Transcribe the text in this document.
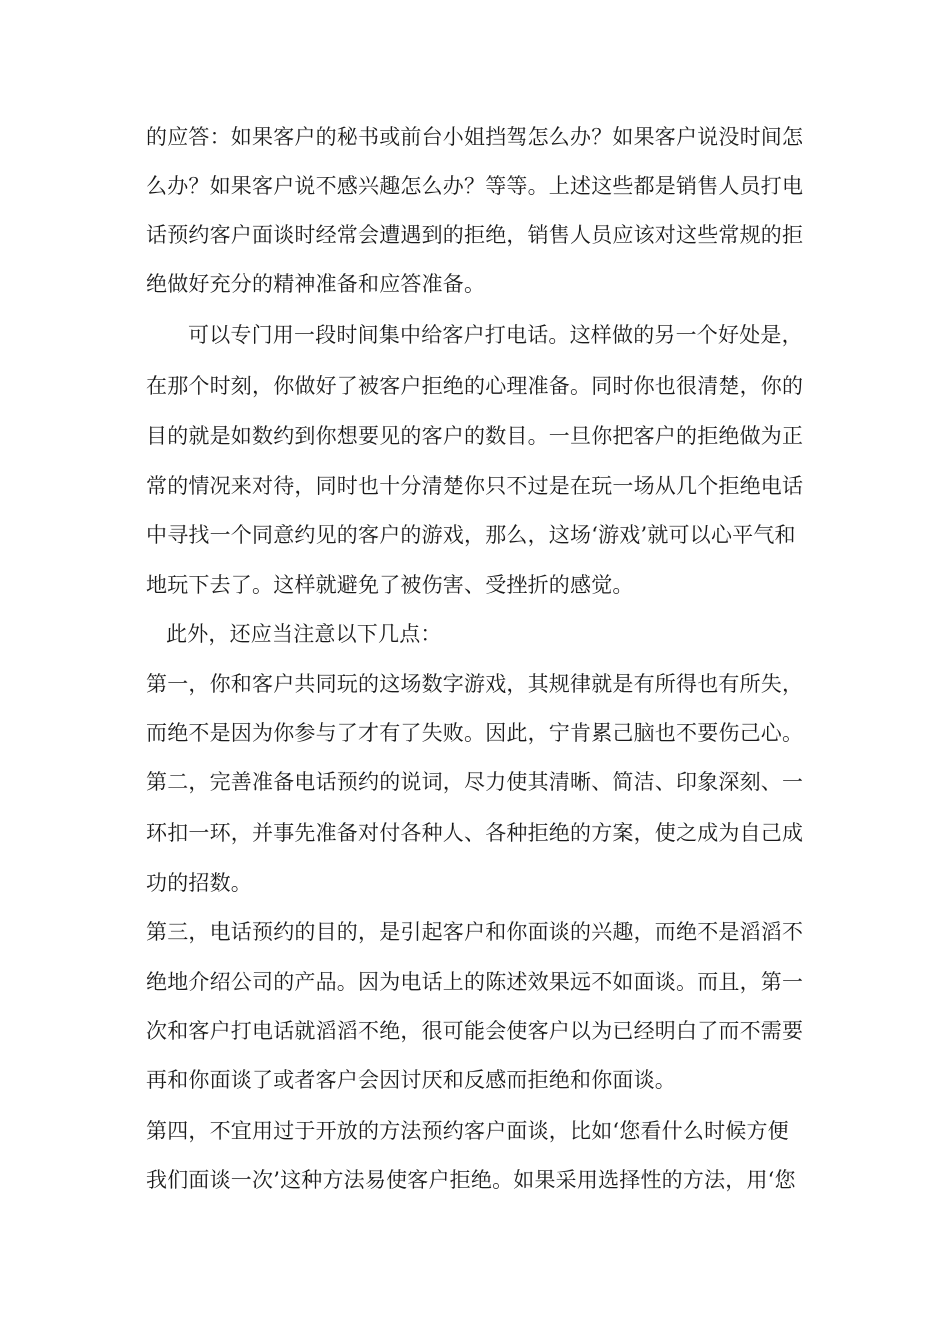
的应答：如果客户的秘书或前台小姐挡驾怎么办？如果客户说没时间怎
么办？如果客户说不感兴趣怎么办？等等。上述这些都是销售人员打电
话预约客户面谈时经常会遭遇到的拒绝，销售人员应该对这些常规的拒
绝做好充分的精神准备和应答准备。
可以专门用一段时间集中给客户打电话。这样做的另一个好处是，
在那个时刻，你做好了被客户拒绝的心理准备。同时你也很清楚，你的
目的就是如数约到你想要见的客户的数目。一旦你把客户的拒绝做为正
常的情况来对待，同时也十分清楚你只不过是在玩一场从几个拒绝电话
中寻找一个同意约见的客户的游戏，那么，这场‘游戏’就可以心平气和
地玩下去了。这样就避免了被伤害、受挫折的感觉。
此外，还应当注意以下几点：
第一，你和客户共同玩的这场数字游戏，其规律就是有所得也有所失，
而绝不是因为你参与了才有了失败。因此，宁肯累己脑也不要伤己心。
第二，完善准备电话预约的说词，尽力使其清晰、简洁、印象深刻、一
环扣一环，并事先准备对付各种人、各种拒绝的方案，使之成为自己成
功的招数。
第三，电话预约的目的，是引起客户和你面谈的兴趣，而绝不是滔滔不
绝地介绍公司的产品。因为电话上的陈述效果远不如面谈。而且，第一
次和客户打电话就滔滔不绝，很可能会使客户以为已经明白了而不需要
再和你面谈了或者客户会因讨厌和反感而拒绝和你面谈。
第四，不宜用过于开放的方法预约客户面谈，比如‘您看什么时候方便
我们面谈一次’这种方法易使客户拒绝。如果采用选择性的方法，用‘您
